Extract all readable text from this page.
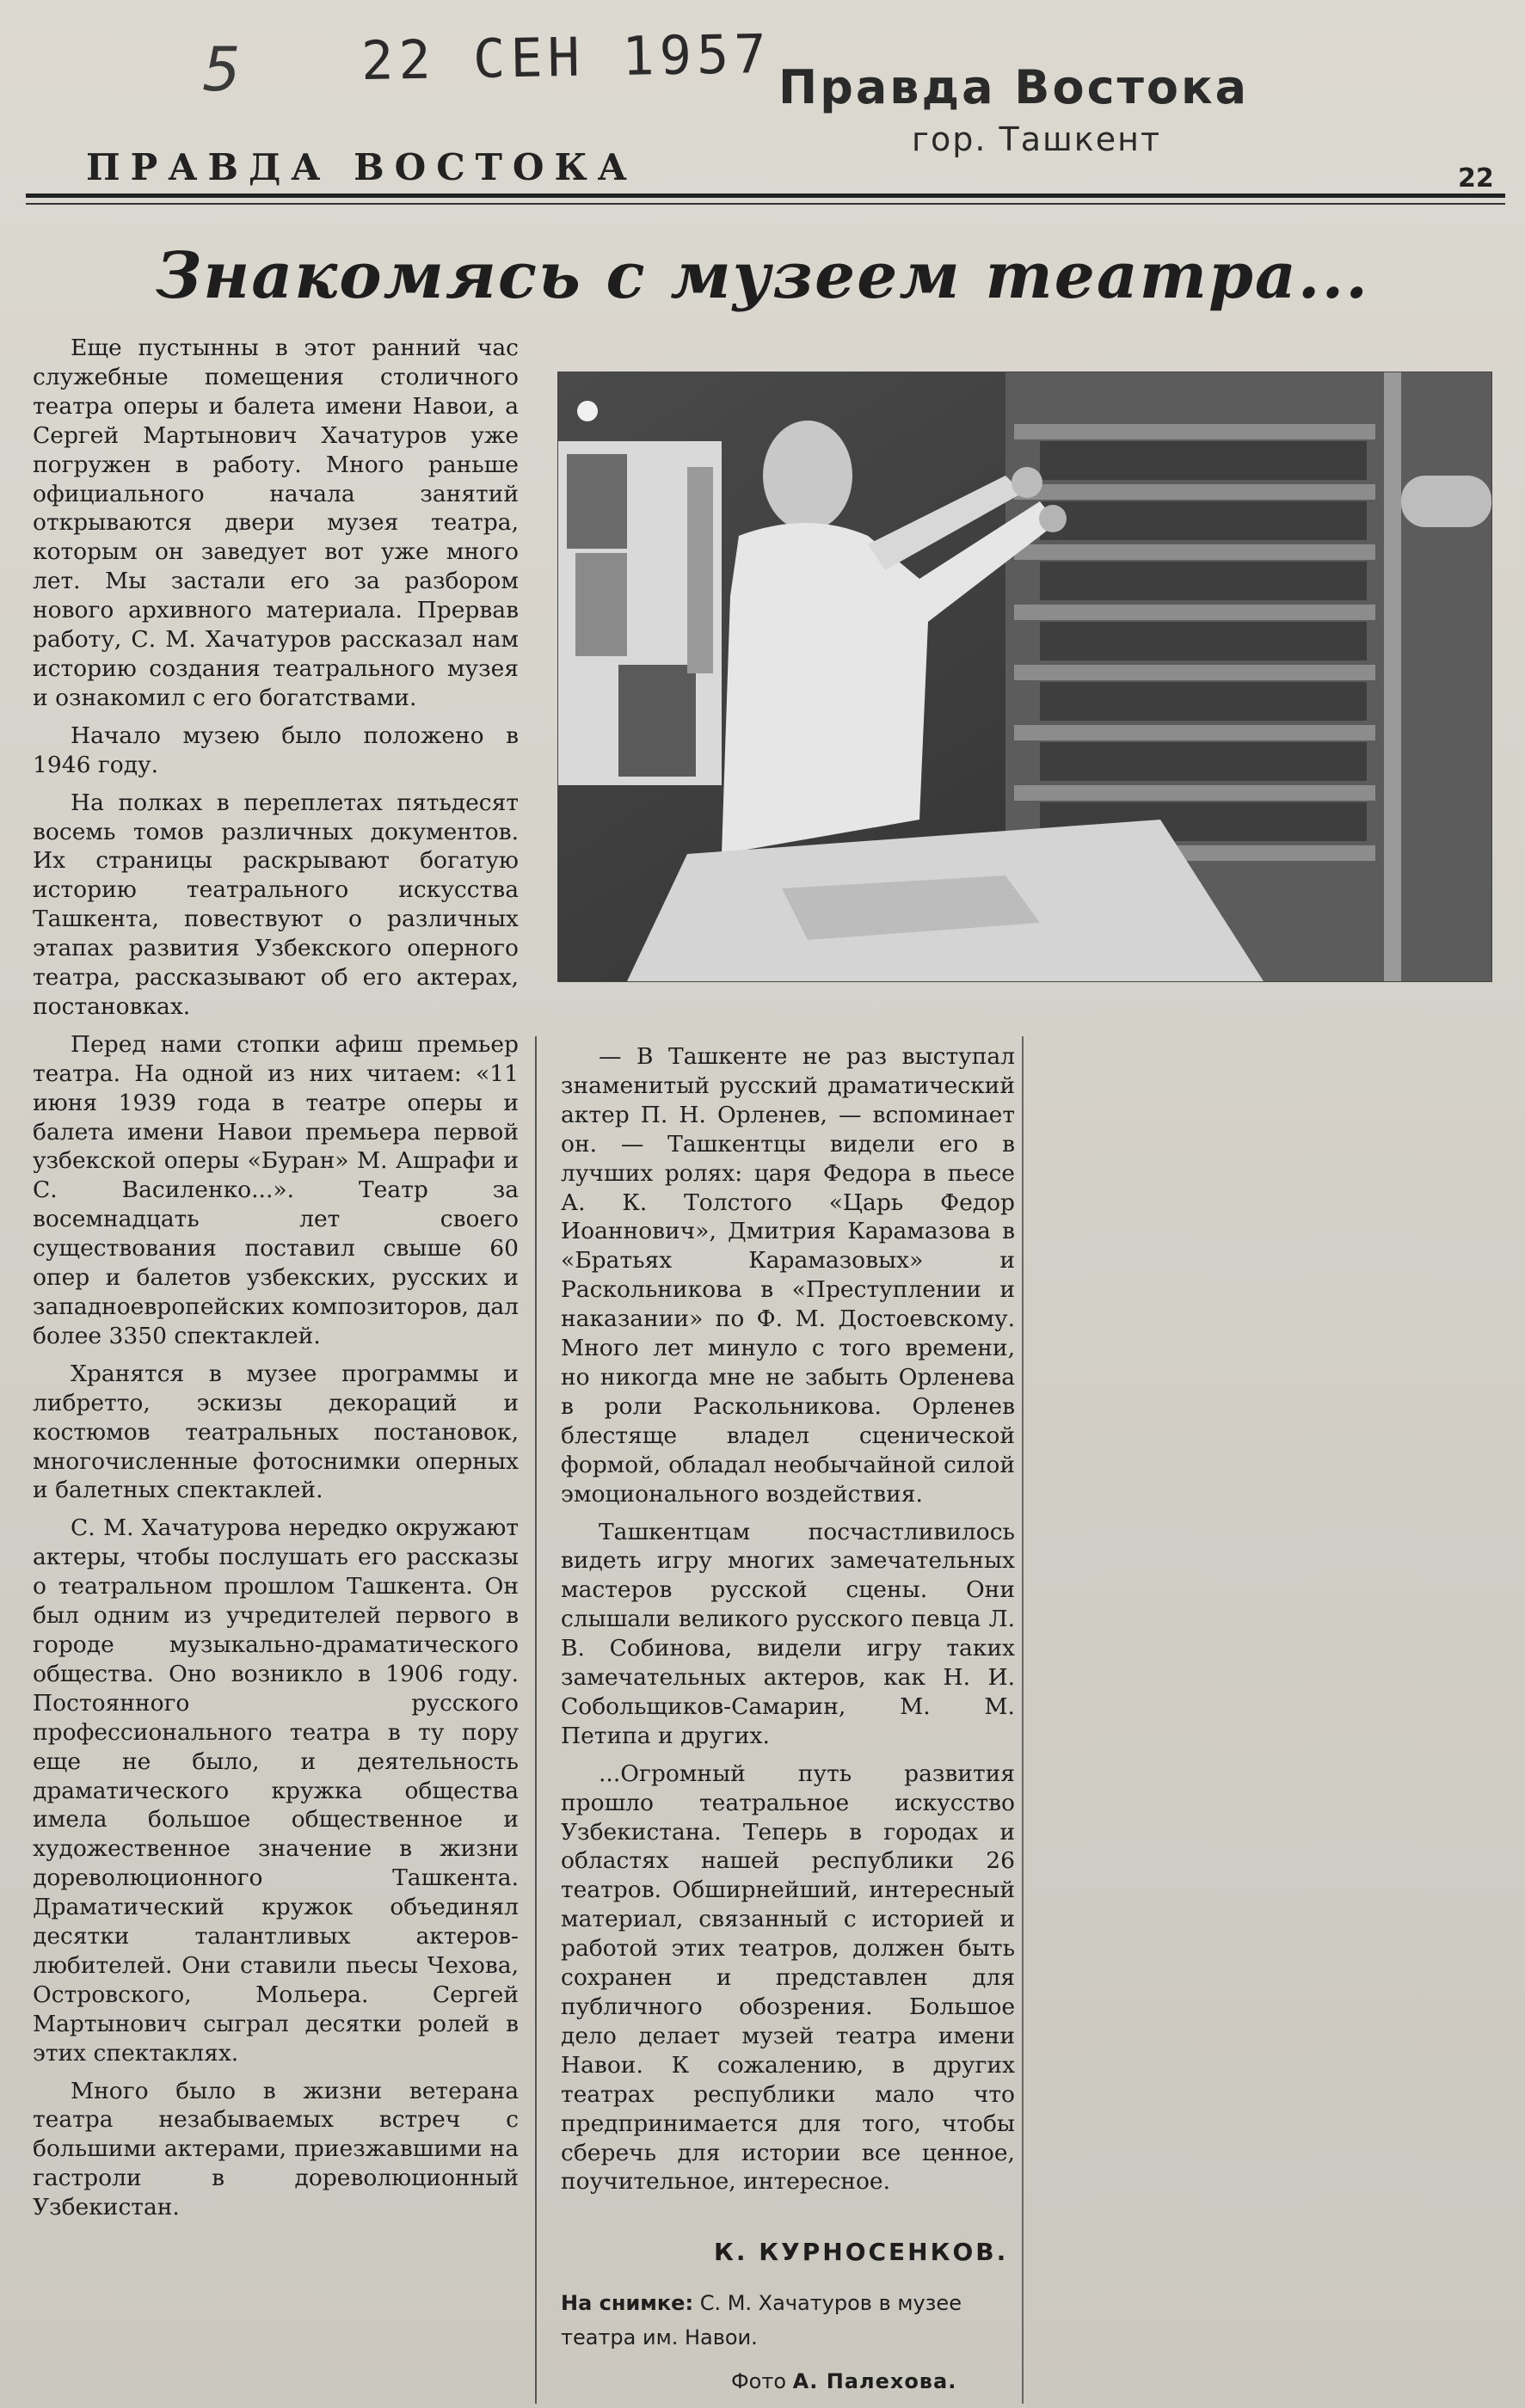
5 22 СЕН 1957 Правда Востока
гор. Ташкент
ПРАВДА ВОСТОКА	22
Знакомясь с музеем театра...

Еще пустынны в этот ранний час служебные помещения столичного театра оперы и балета имени Навои, а Сергей Мартынович Хачатуров уже погружен в работу. Много раньше официального начала занятий открываются двери музея театра, которым он заведует вот уже много лет. Мы застали его за разбором нового архивного материала. Прервав работу, С. М. Хачатуров рассказал нам историю создания театрального музея и ознакомил с его богатствами.

Начало музею было положено в 1946 году.

На полках в переплетах пятьдесят восемь томов различных документов. Их страницы раскрывают богатую историю театрального искусства Ташкента, повествуют о различных этапах развития Узбекского оперного театра, рассказывают об его актерах, постановках.

Перед нами стопки афиш премьер театра. На одной из них читаем: «11 июня 1939 года в театре оперы и балета имени Навои премьера первой узбекской оперы «Буран» М. Ашрафи и С. Василенко...». Театр за восемнадцать лет своего существования поставил свыше 60 опер и балетов узбекских, русских и западноевропейских композиторов, дал более 3350 спектаклей.

Хранятся в музее программы и либретто, эскизы декораций и костюмов театральных постановок, многочисленные фотоснимки оперных и балетных спектаклей.

С. М. Хачатурова нередко окружают актеры, чтобы послушать его рассказы о театральном прошлом Ташкента. Он был одним из учредителей первого в городе музыкально-драматического общества. Оно возникло в 1906 году. Постоянного русского профессионального театра в ту пору еще не было, и деятельность драматического кружка общества имела большое общественное и художественное значение в жизни дореволюционного Ташкента. Драматический кружок объединял десятки талантливых актеров-любителей. Они ставили пьесы Чехова, Островского, Мольера. Сергей Мартынович сыграл десятки ролей в этих спектаклях.

Много было в жизни ветерана театра незабываемых встреч с большими актерами, приезжавшими на гастроли в дореволюционный Узбекистан.

— В Ташкенте не раз выступал знаменитый русский драматический актер П. Н. Орленев, — вспоминает он. — Ташкентцы видели его в лучших ролях: царя Федора в пьесе А. К. Толстого «Царь Федор Иоаннович», Дмитрия Карамазова в «Братьях Карамазовых» и Раскольникова в «Преступлении и наказании» по Ф. М. Достоевскому. Много лет минуло с того времени, но никогда мне не забыть Орленева в роли Раскольникова. Орленев блестяще владел сценической формой, обладал необычайной силой эмоционального воздействия.

Ташкентцам посчастливилось видеть игру многих замечательных мастеров русской сцены. Они слышали великого русского певца Л. В. Собинова, видели игру таких замечательных актеров, как Н. И. Собольщиков-Самарин, М. М. Петипа и других.

...Огромный путь развития прошло театральное искусство Узбекистана. Теперь в городах и областях нашей республики 26 театров. Обширнейший, интересный материал, связанный с историей и работой этих театров, должен быть сохранен и представлен для публичного обозрения. Большое дело делает музей театра имени Навои. К сожалению, в других театрах республики мало что предпринимается для того, чтобы сберечь для истории все ценное, поучительное, интересное.

К. КУРНОСЕНКОВ.
На снимке: С. М. Хачатуров в музее театра им. Навои.
Фото А. Палехова.
